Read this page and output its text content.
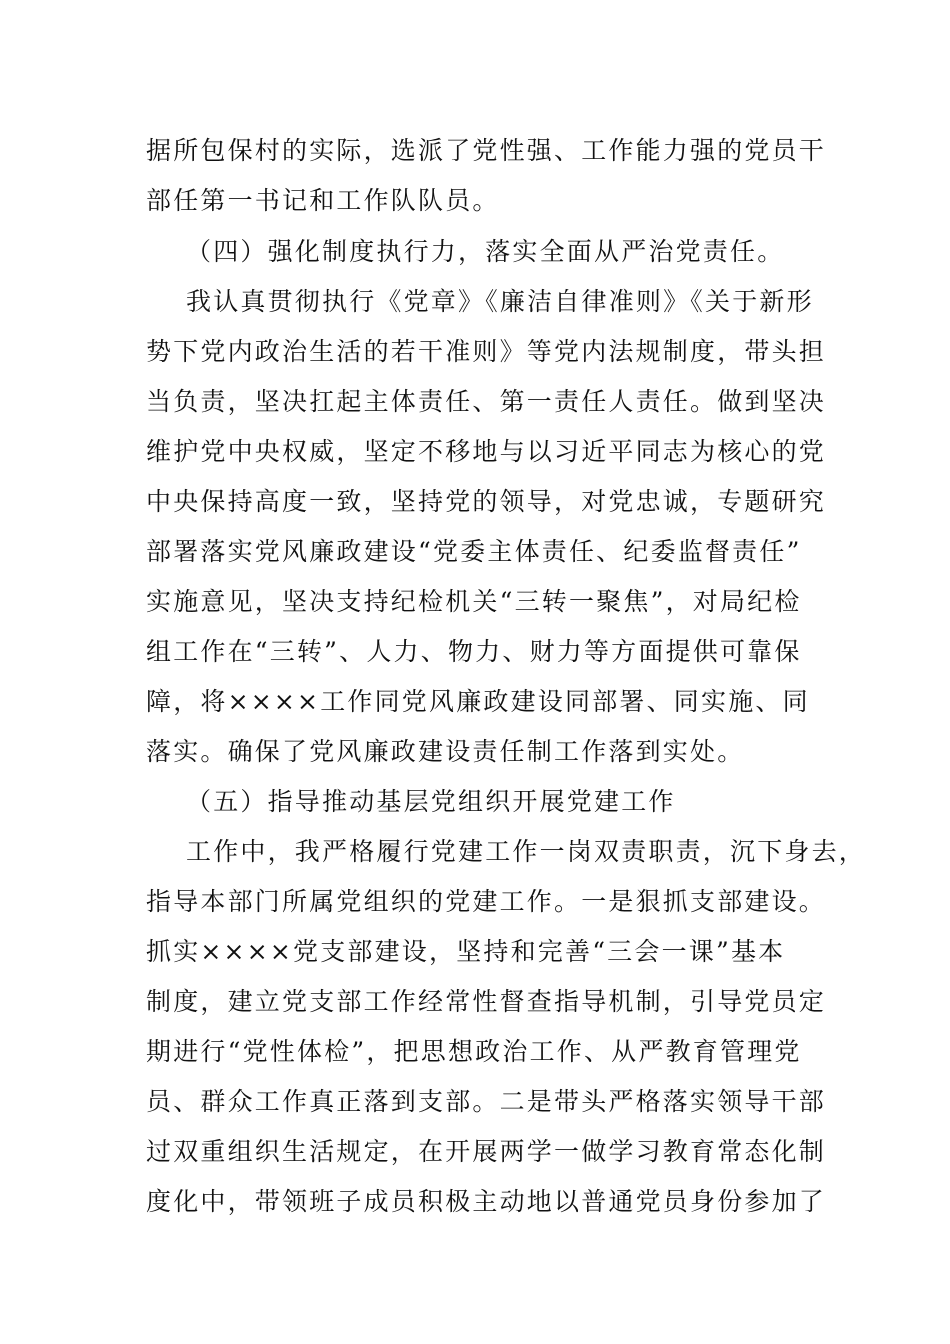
据所包保村的实际，选派了党性强、工作能力强的党员干
部任第一书记和工作队队员。
（四）强化制度执行力，落实全面从严治党责任。
我认真贯彻执行《党章》《廉洁自律准则》《关于新形
势下党内政治生活的若干准则》等党内法规制度，带头担
当负责，坚决扛起主体责任、第一责任人责任。做到坚决
维护党中央权威，坚定不移地与以习近平同志为核心的党
中央保持高度一致，坚持党的领导，对党忠诚，专题研究
部署落实党风廉政建设“党委主体责任、纪委监督责任”
实施意见，坚决支持纪检机关“三转一聚焦”，对局纪检
组工作在“三转”、人力、物力、财力等方面提供可靠保
障，将××××工作同党风廉政建设同部署、同实施、同
落实。确保了党风廉政建设责任制工作落到实处。
（五）指导推动基层党组织开展党建工作
工作中，我严格履行党建工作一岗双责职责，沉下身去，
指导本部门所属党组织的党建工作。一是狠抓支部建设。
抓实××××党支部建设，坚持和完善“三会一课”基本
制度，建立党支部工作经常性督查指导机制，引导党员定
期进行“党性体检”，把思想政治工作、从严教育管理党
员、群众工作真正落到支部。二是带头严格落实领导干部
过双重组织生活规定，在开展两学一做学习教育常态化制
度化中，带领班子成员积极主动地以普通党员身份参加了
